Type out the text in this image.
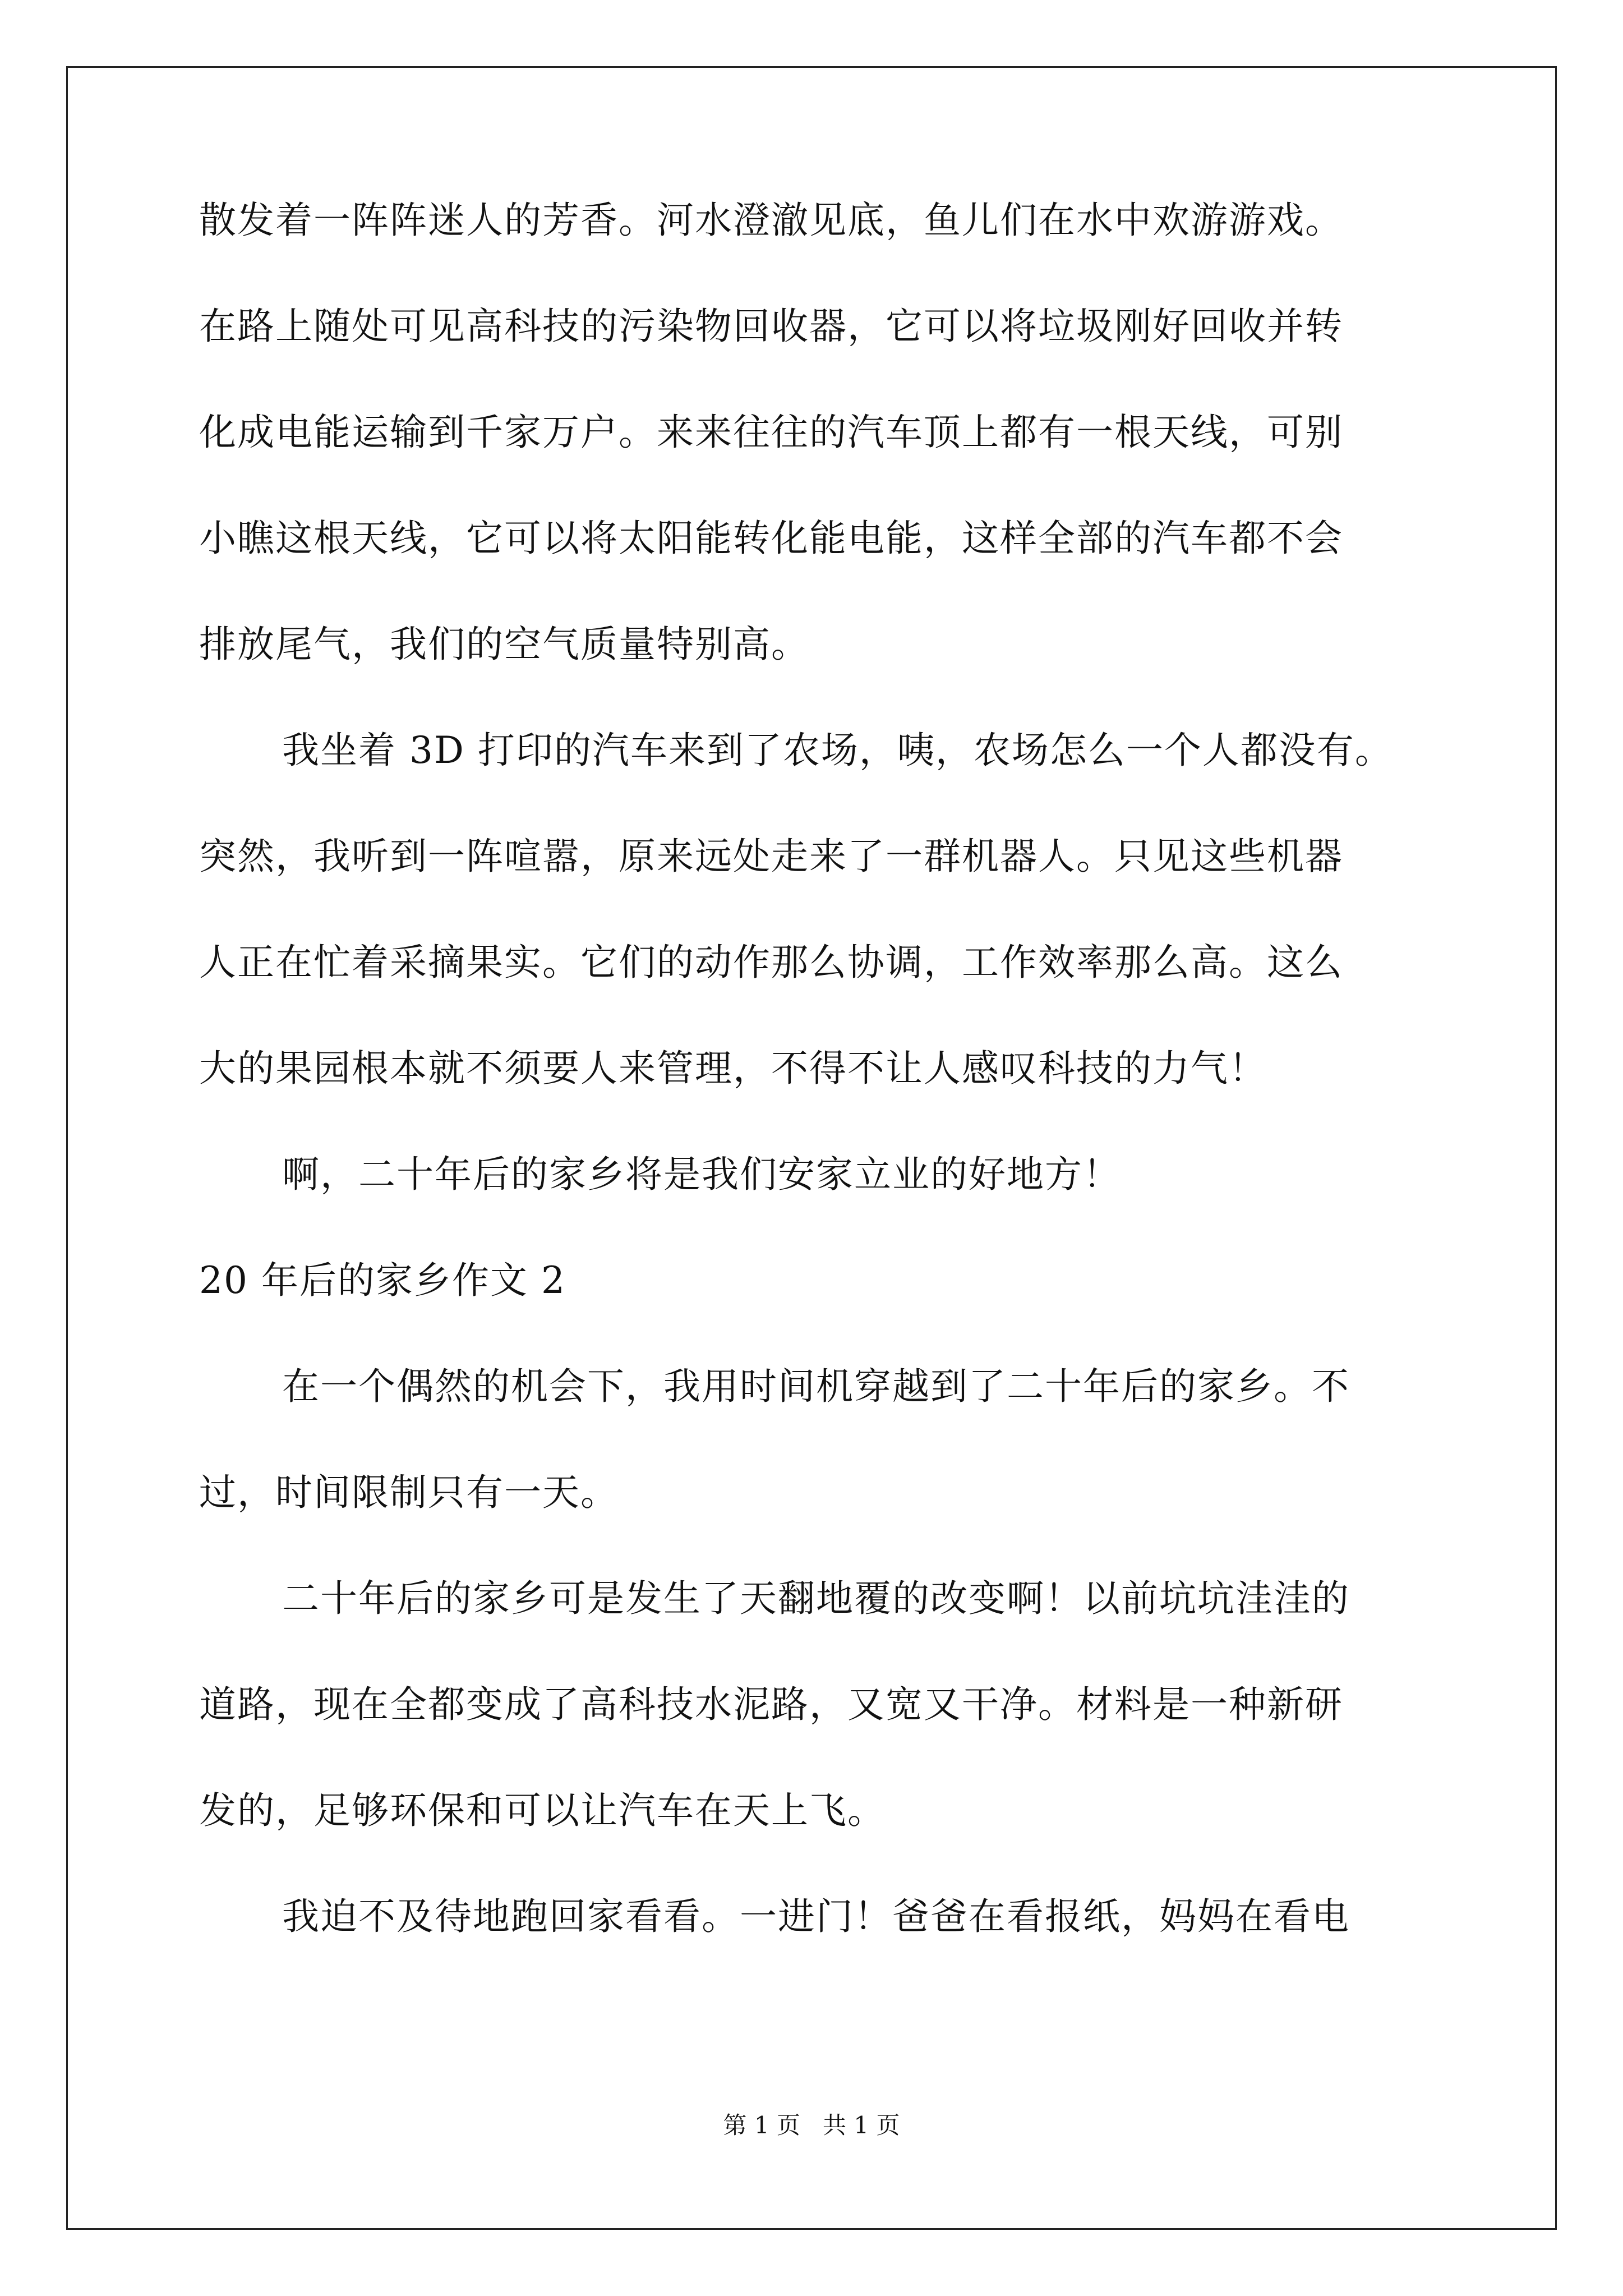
散发着一阵阵迷人的芳香。河水澄澈见底，鱼儿们在水中欢游游戏。
在路上随处可见高科技的污染物回收器，它可以将垃圾刚好回收并转
化成电能运输到千家万户。来来往往的汽车顶上都有一根天线，可别
小瞧这根天线，它可以将太阳能转化能电能，这样全部的汽车都不会
排放尾气，我们的空气质量特别高。
我坐着 3D 打印的汽车来到了农场，咦，农场怎么一个人都没有。
突然，我听到一阵喧嚣，原来远处走来了一群机器人。只见这些机器
人正在忙着采摘果实。它们的动作那么协调，工作效率那么高。这么
大的果园根本就不须要人来管理，不得不让人感叹科技的力气！
啊，二十年后的家乡将是我们安家立业的好地方！
20 年后的家乡作文 2
在一个偶然的机会下，我用时间机穿越到了二十年后的家乡。不
过，时间限制只有一天。
二十年后的家乡可是发生了天翻地覆的改变啊！以前坑坑洼洼的
道路，现在全都变成了高科技水泥路，又宽又干净。材料是一种新研
发的，足够环保和可以让汽车在天上飞。
我迫不及待地跑回家看看。一进门！爸爸在看报纸，妈妈在看电
第 1 页   共 1 页
